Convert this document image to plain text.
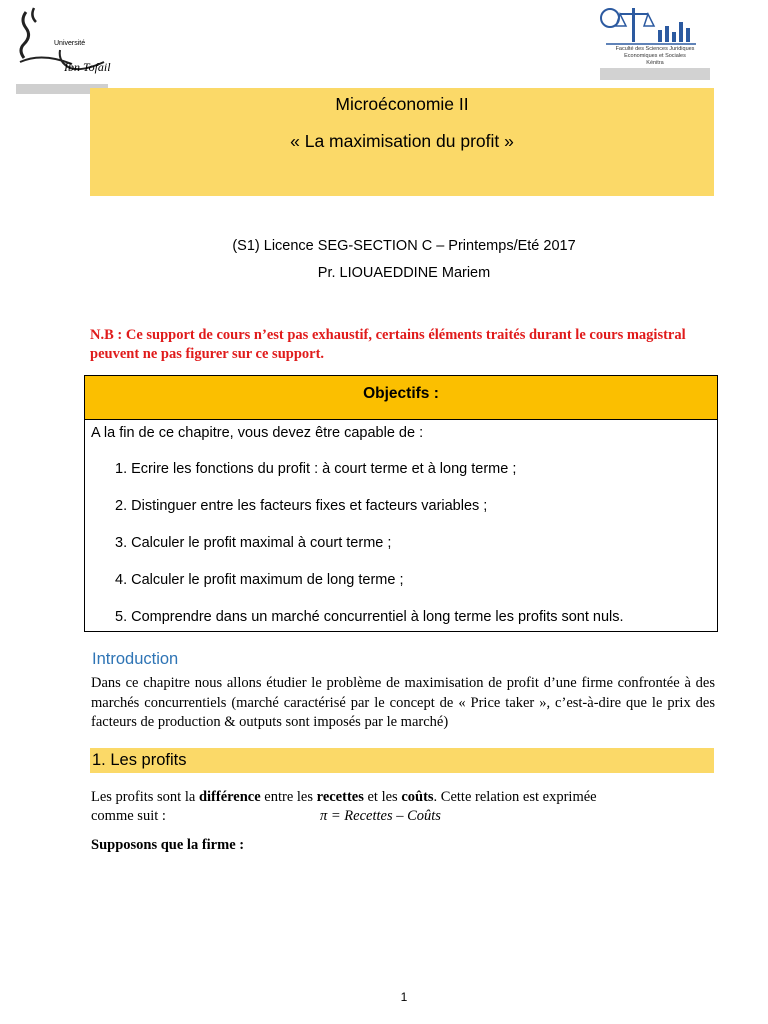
Université
Ibn Tofail
Faculté des Sciences Juridiques
Economiques et Sociales
Kénitra
Microéconomie II
« La maximisation du profit »
(S1) Licence SEG-SECTION C – Printemps/Eté 2017
Pr. LIOUAEDDINE Mariem
N.B : Ce support de cours n’est pas exhaustif, certains éléments traités durant le cours magistral peuvent ne pas figurer sur ce support.
Objectifs :
A la fin de ce chapitre, vous devez être capable de :
1. Ecrire les fonctions du profit : à court terme et à long terme ;
2. Distinguer entre les facteurs fixes et facteurs variables ;
3. Calculer le profit maximal à court terme ;
4. Calculer le profit maximum de long terme ;
5. Comprendre dans un marché concurrentiel à long terme les profits sont nuls.
Introduction
Dans ce chapitre nous allons étudier le problème de maximisation de profit d’une firme confrontée à des marchés concurrentiels (marché caractérisé par le concept de « Price taker », c’est-à-dire que le prix des facteurs de production & outputs sont imposés par le marché)
1. Les profits
Les profits sont la différence entre les recettes et les coûts. Cette relation est exprimée
comme suit :	π = Recettes – Coûts
Supposons que la firme :
1
